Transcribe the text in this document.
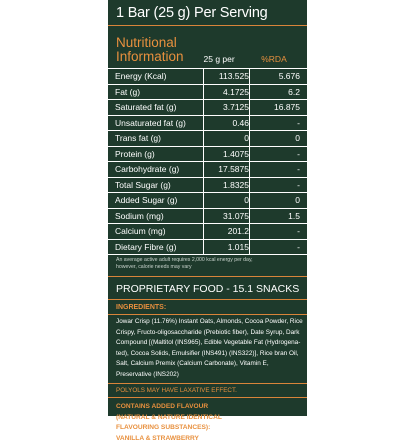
1 Bar (25 g) Per Serving
Nutritional
Information	25 g per	%RDA
Energy (Kcal)	113.525	5.676
Fat (g)	4.1725	6.2
Saturated fat (g)	3.7125	16.875
Unsaturated fat (g)	0.46	-
Trans fat (g)	0	0
Protein (g)	1.4075	-
Carbohydrate (g)	17.5875	-
Total Sugar (g)	1.8325	-
Added Sugar (g)	0	0
Sodium (mg)	31.075	1.5
Calcium (mg)	201.2	-
Dietary Fibre (g)	1.015	-
An average active adult requires 2,000 kcal energy per day,
however, calorie needs may vary
PROPRIETARY FOOD - 15.1 SNACKS
INGREDIENTS:
Jowar Crisp (11.76%) Instant Oats, Almonds, Cocoa Powder, Rice Crispy, Fructo-oligosaccharide (Prebiotic fiber), Date Syrup, Dark Compound [(Maltitol (INS965), Edible Vegetable Fat (Hydrogena- ted), Cocoa Solids, Emulsifier (INS491) (INS322)], Rice bran Oil, Salt, Calcium Premix (Calcium Carbonate), Vitamin E, Preservative (INS202)
POLYOLS MAY HAVE LAXATIVE EFFECT.
CONTAINS ADDED FLAVOUR
(NATURAL & NATURE IDENTICAL
FLAVOURING SUBSTANCES):
VANILLA & STRAWBERRY
